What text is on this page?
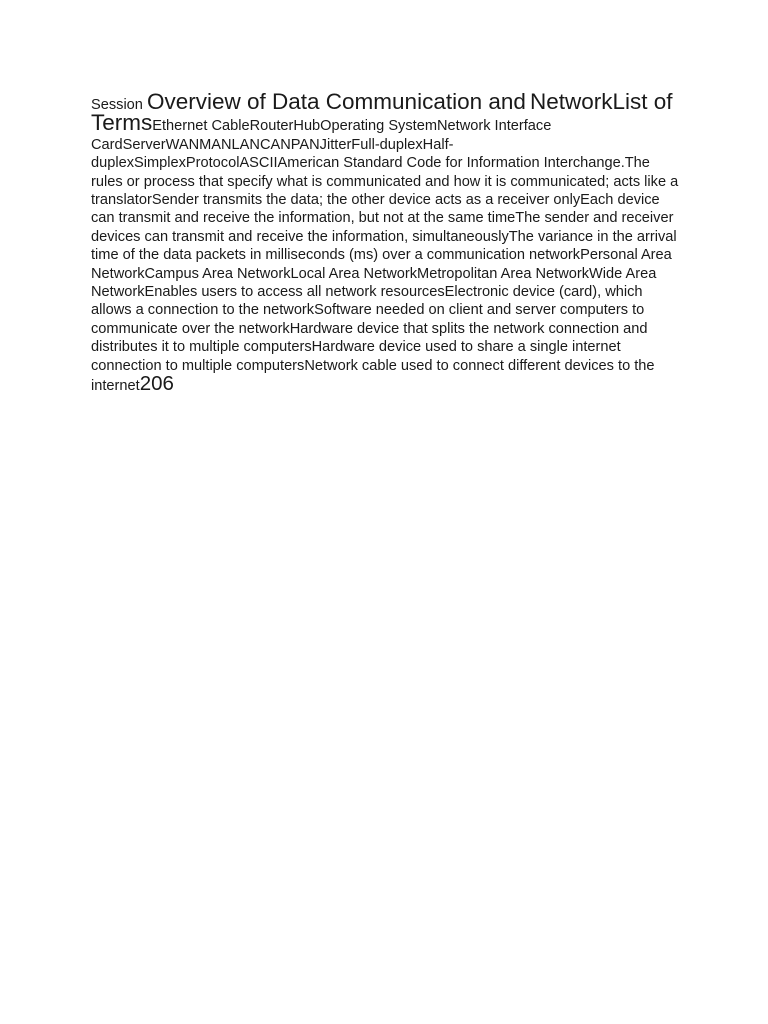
Session Overview of Data Communication and NetworkList of TermsEthernet CableRouterHubOperating SystemNetwork Interface CardServerWANMANLANCANPANJitterFull-duplexHalf-duplexSimplexProtocolASCIIAmerican Standard Code for Information Interchange.The rules or process that specify what is communicated and how it is communicated; acts like a translatorSender transmits the data; the other device acts as a receiver onlyEach device can transmit and receive the information, but not at the same timeThe sender and receiver devices can transmit and receive the information, simultaneouslyThe variance in the arrival time of the data packets in milliseconds (ms) over a communication networkPersonal Area NetworkCampus Area NetworkLocal Area NetworkMetropolitan Area NetworkWide Area NetworkEnables users to access all network resourcesElectronic device (card), which allows a connection to the networkSoftware needed on client and server computers to communicate over the networkHardware device that splits the network connection and distributes it to multiple computersHardware device used to share a single internet connection to multiple computersNetwork cable used to connect different devices to the internet206
